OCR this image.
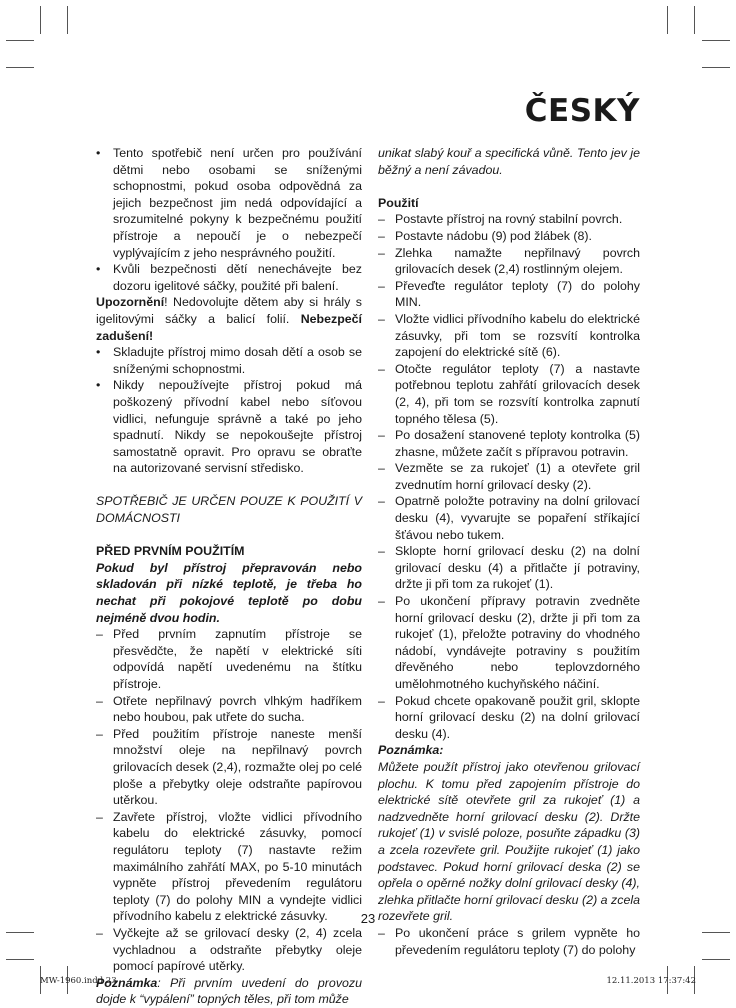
ČESKÝ
• Tento spotřebič není určen pro používání dětmi nebo osobami se sníženými schopnostmi, pokud osoba odpovědná za jejich bezpečnost jim nedá odpovídající a srozumitelné pokyny k bezpečnému použití přístroje a nepoučí je o nebezpečí vyplývajícím z jeho nesprávného použití.
• Kvůli bezpečnosti dětí nenechávejte bez dozoru igelitové sáčky, použité při balení.

Upozornění! Nedovolujte dětem aby si hrály s igelitovými sáčky a balicí folií. Nebezpečí zadušení!

• Skladujte přístroj mimo dosah dětí a osob se sníženými schopnostmi.
• Nikdy nepoužívejte přístroj pokud má poškozený přívodní kabel nebo síťovou vidlici, nefunguje správně a také po jeho spadnutí. Nikdy se nepokoušejte přístroj samostatně opravit. Pro opravu se obraťte na autorizované servisní středisko.

SPOTŘEBIČ JE URČEN POUZE K POUŽITÍ V DOMÁCNOSTI

PŘED PRVNÍM POUŽITÍM

Pokud byl přístroj přepravován nebo skladován při nízké teplotě, je třeba ho nechat při pokojové teplotě po dobu nejméně dvou hodin.

– Před prvním zapnutím přístroje se přesvědčte, že napětí v elektrické síti odpovídá napětí uvedenému na štítku přístroje.
– Otřete nepřilnavý povrch vlhkým hadříkem nebo houbou, pak utřete do sucha.
– Před použitím přístroje naneste menší množství oleje na nepřilnavý povrch grilovacích desek (2,4), rozmažte olej po celé ploše a přebytky oleje odstraňte papírovou utěrkou.
– Zavřete přístroj, vložte vidlici přívodního kabelu do elektrické zásuvky, pomocí regulátoru teploty (7) nastavte režim maximálního zahřátí MAX, po 5-10 minutách vypněte přístroj převedením regulátoru teploty (7) do polohy MIN a vyndejte vidlici přívodního kabelu z elektrické zásuvky.
– Vyčkejte až se grilovací desky (2, 4) zcela vychladnou a odstraňte přebytky oleje pomocí papírové utěrky.

Poznámka: Při prvním uvedení do provozu dojde k “vypálení” topných těles, při tom může

unikat slabý kouř a specifická vůně. Tento jev je běžný a není závadou.

Použití

– Postavte přístroj na rovný stabilní povrch.
– Postavte nádobu (9) pod žlábek (8).
– Zlehka namažte nepřilnavý povrch grilovacích desek (2,4) rostlinným olejem.
– Převeďte regulátor teploty (7) do polohy MIN.
– Vložte vidlici přívodního kabelu do elektrické zásuvky, při tom se rozsvítí kontrolka zapojení do elektrické sítě (6).
– Otočte regulátor teploty (7) a nastavte potřebnou teplotu zahřátí grilovacích desek (2, 4), při tom se rozsvítí kontrolka zapnutí topného tělesa (5).
– Po dosažení stanovené teploty kontrolka (5) zhasne, můžete začít s přípravou potravin.
– Vezměte se za rukojeť (1) a otevřete gril zvednutím horní grilovací desky (2).
– Opatrně položte potraviny na dolní grilovací desku (4), vyvarujte se popaření stříkající šťávou nebo tukem.
– Sklopte horní grilovací desku (2) na dolní grilovací desku (4) a přitlačte jí potraviny, držte ji při tom za rukojeť (1).
– Po ukončení přípravy potravin zvedněte horní grilovací desku (2), držte ji při tom za rukojeť (1), přeložte potraviny do vhodného nádobí, vyndávejte potraviny s použitím dřevěného nebo teplovzdorného umělohmotného kuchyňského náčiní.
– Pokud chcete opakovaně použit gril, sklopte horní grilovací desku (2) na dolní grilovací desku (4).

Poznámka:

Můžete použít přístroj jako otevřenou grilovací plochu. K tomu před zapojením přístroje do elektrické sítě otevřete gril za rukojeť (1) a nadzvedněte horní grilovací desku (2). Držte rukojeť (1) v svislé poloze, posuňte západku (3) a zcela rozevřete gril. Použijte rukojeť (1) jako podstavec. Pokud horní grilovací deska (2) se opřela o opěrné nožky dolní grilovací desky (4), zlehka přitlačte horní grilovací desku (2) a zcela rozevřete gril.

– Po ukončení práce s grilem vypněte ho převedením regulátoru teploty (7) do polohy
23
MW-1960.indd 23	12.11.2013 17:37:42
